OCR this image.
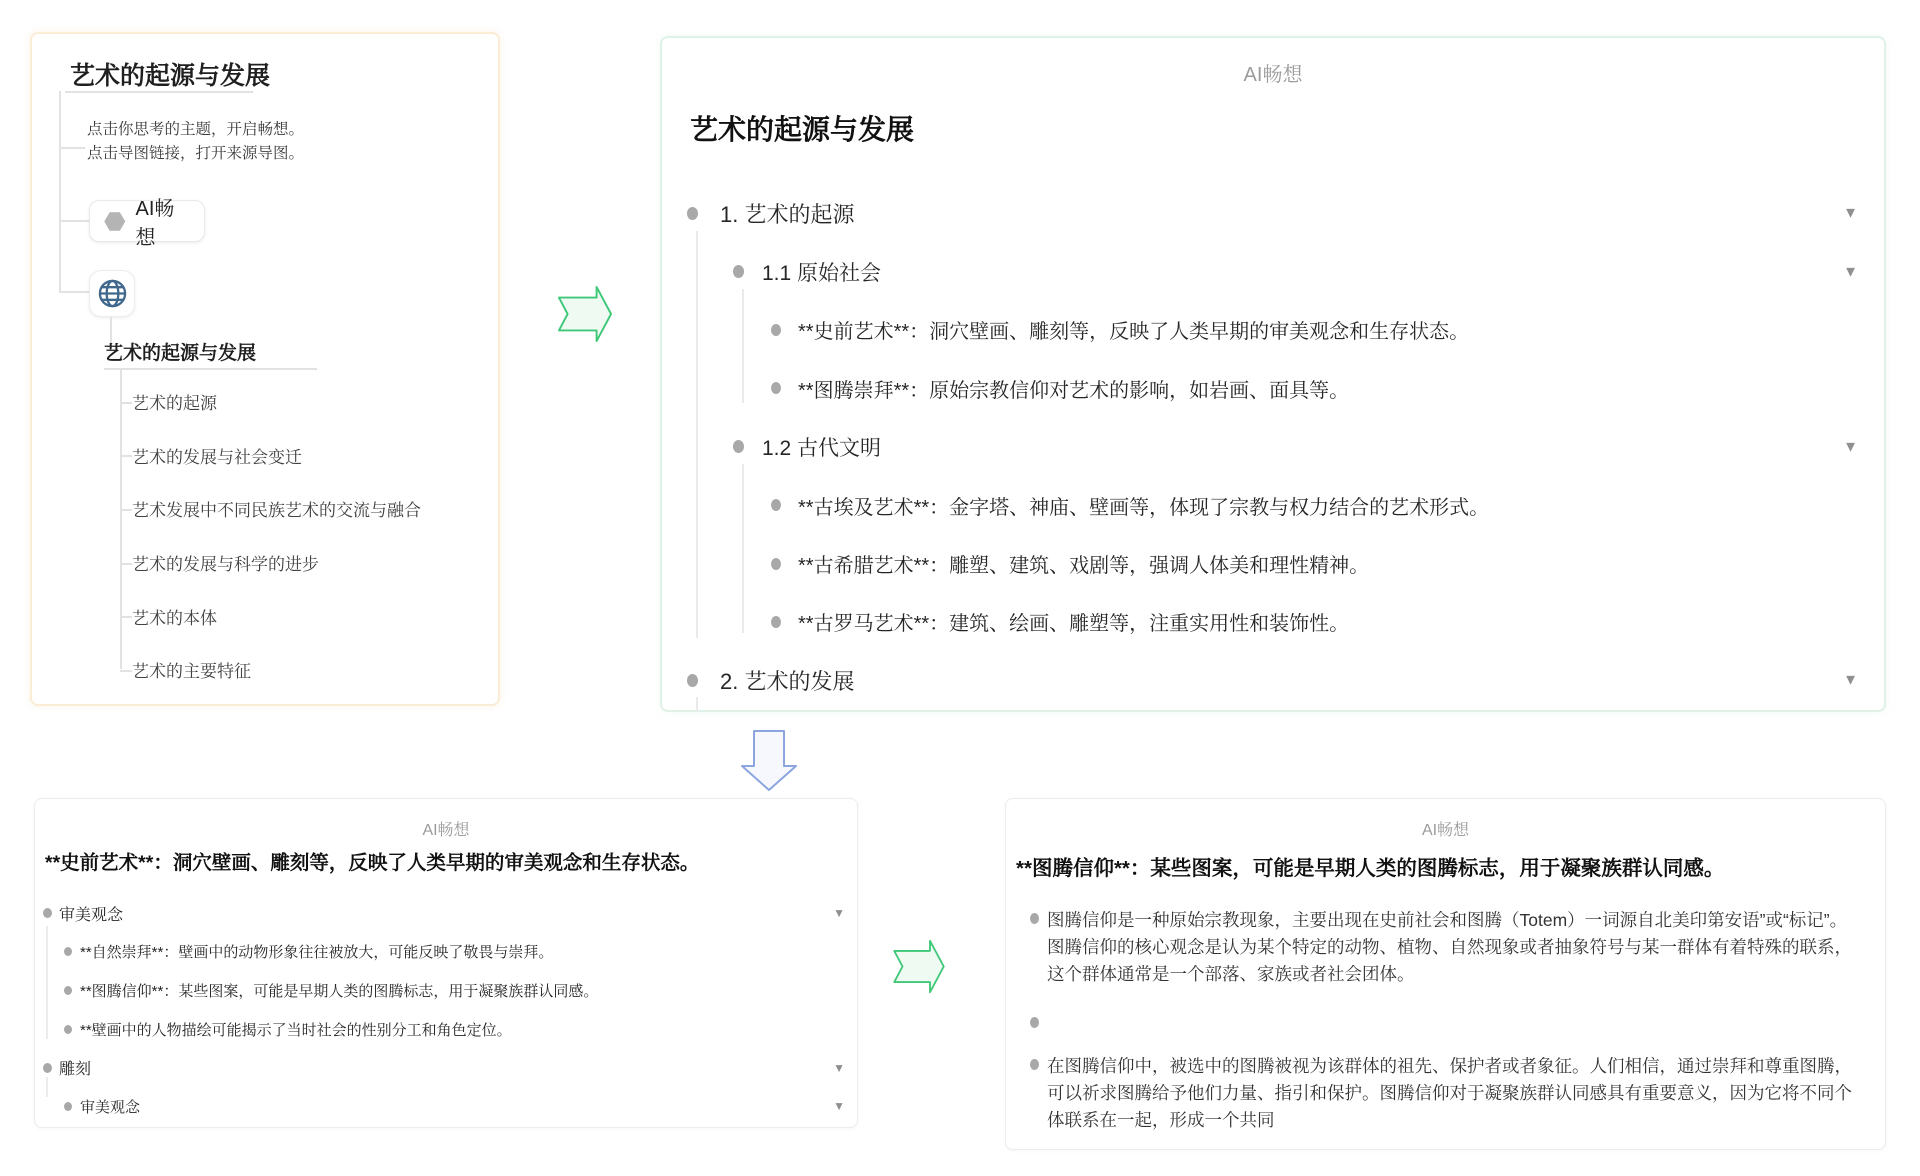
艺术的起源与发展
点击你思考的主题，开启畅想。
点击导图链接，打开来源导图。
AI畅想
艺术的起源与发展
艺术的起源
艺术的发展与社会变迁
艺术发展中不同民族艺术的交流与融合
艺术的发展与科学的进步
艺术的本体
艺术的主要特征
AI畅想
艺术的起源与发展
1. 艺术的起源	▼
1.1 原始社会	▼
**史前艺术**：洞穴壁画、雕刻等，反映了人类早期的审美观念和生存状态。
**图腾崇拜**：原始宗教信仰对艺术的影响，如岩画、面具等。
1.2 古代文明	▼
**古埃及艺术**：金字塔、神庙、壁画等，体现了宗教与权力结合的艺术形式。
**古希腊艺术**：雕塑、建筑、戏剧等，强调人体美和理性精神。
**古罗马艺术**：建筑、绘画、雕塑等，注重实用性和装饰性。
2. 艺术的发展	▼
AI畅想
**史前艺术**：洞穴壁画、雕刻等，反映了人类早期的审美观念和生存状态。
审美观念	▼
**自然崇拜**：壁画中的动物形象往往被放大，可能反映了敬畏与崇拜。
**图腾信仰**：某些图案，可能是早期人类的图腾标志，用于凝聚族群认同感。
**壁画中的人物描绘可能揭示了当时社会的性别分工和角色定位。
雕刻	▼
审美观念	▼
AI畅想
**图腾信仰**：某些图案，可能是早期人类的图腾标志，用于凝聚族群认同感。
图腾信仰是一种原始宗教现象，主要出现在史前社会和图腾（Totem）一词源自北美印第安语”或“标记”。图腾信仰的核心观念是认为某个特定的动物、植物、自然现象或者抽象符号与某一群体有着特殊的联系，这个群体通常是一个部落、家族或者社会团体。
在图腾信仰中，被选中的图腾被视为该群体的祖先、保护者或者象征。人们相信，通过崇拜和尊重图腾，可以祈求图腾给予他们力量、指引和保护。图腾信仰对于凝聚族群认同感具有重要意义，因为它将不同个体联系在一起，形成一个共同
